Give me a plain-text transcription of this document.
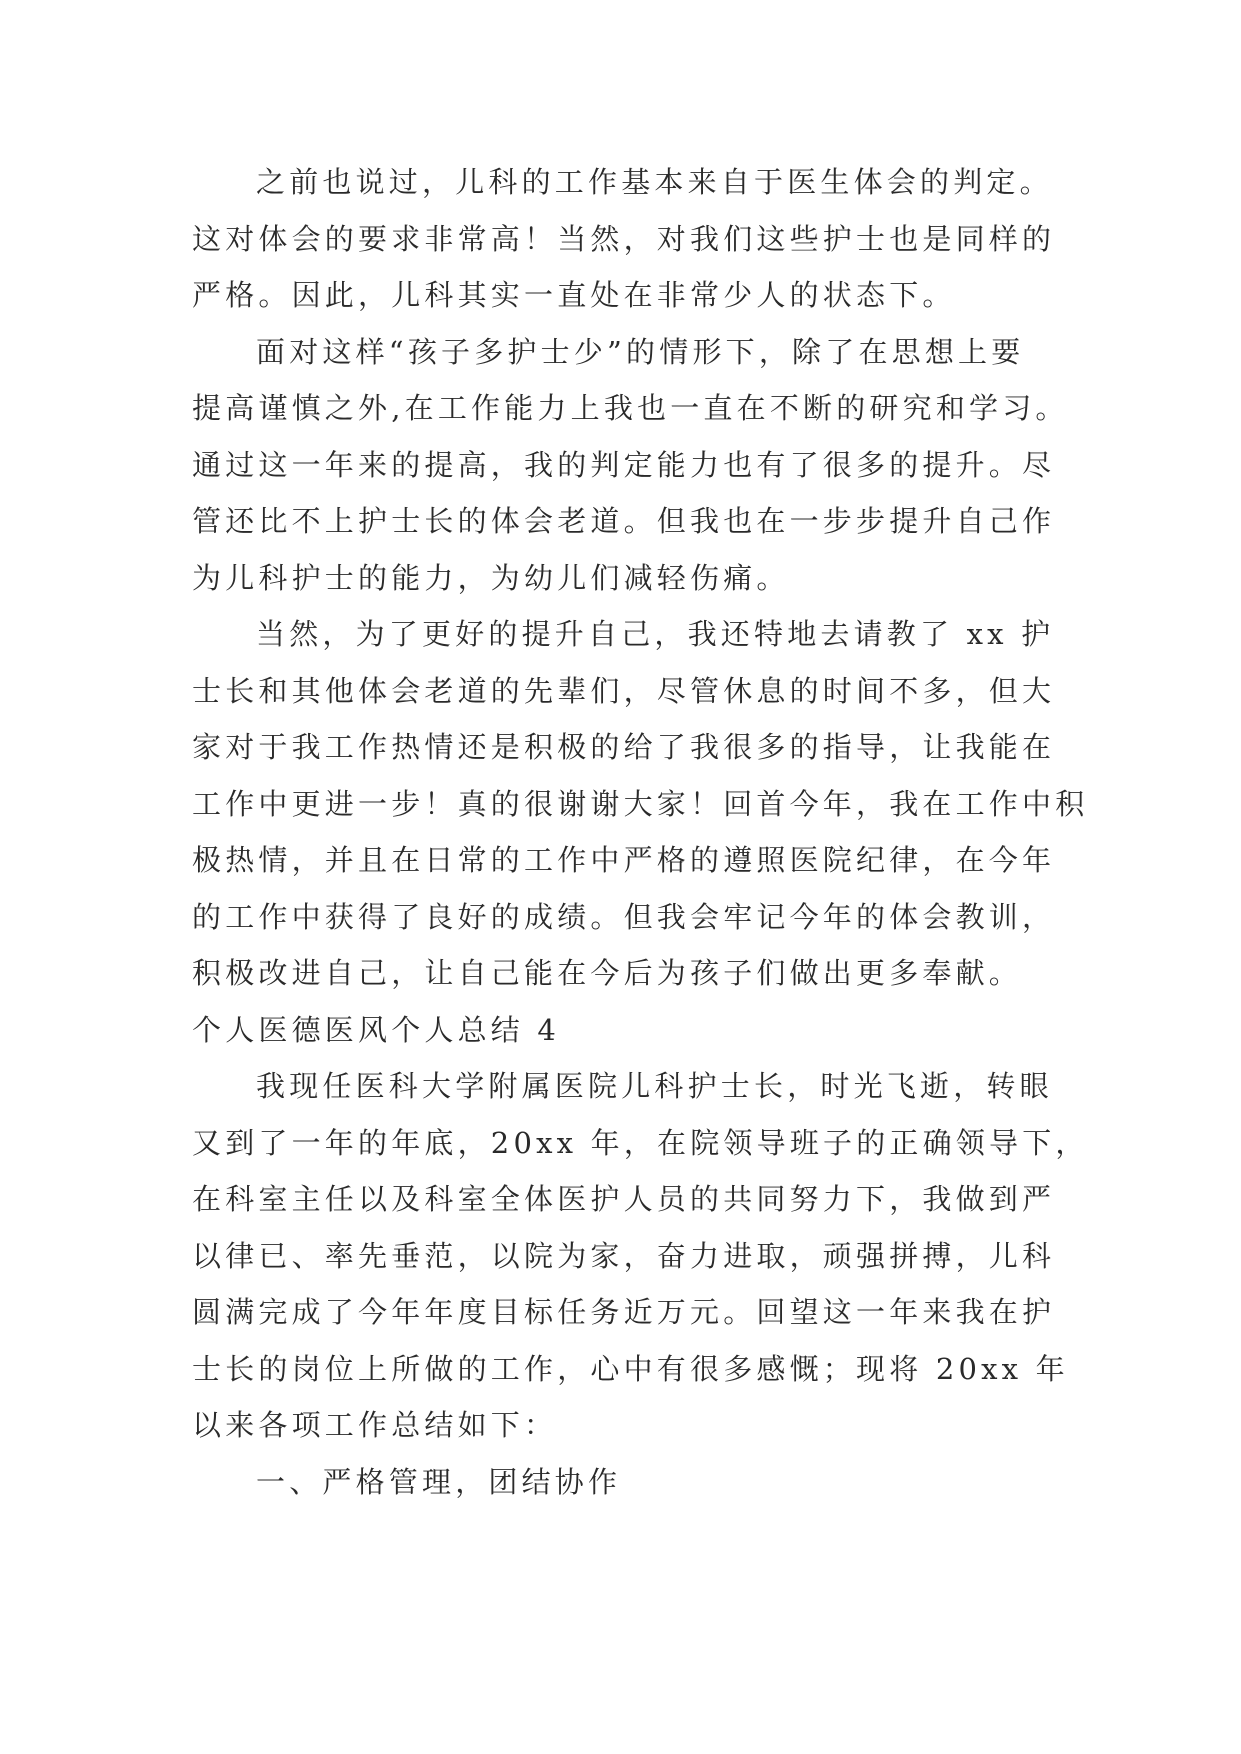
之前也说过，儿科的工作基本来自于医生体会的判定。
这对体会的要求非常高！当然，对我们这些护士也是同样的
严格。因此，儿科其实一直处在非常少人的状态下。
面对这样“孩子多护士少”的情形下，除了在思想上要
提高谨慎之外,在工作能力上我也一直在不断的研究和学习。
通过这一年来的提高，我的判定能力也有了很多的提升。尽
管还比不上护士长的体会老道。但我也在一步步提升自己作
为儿科护士的能力，为幼儿们减轻伤痛。
当然，为了更好的提升自己，我还特地去请教了 xx 护
士长和其他体会老道的先辈们，尽管休息的时间不多，但大
家对于我工作热情还是积极的给了我很多的指导，让我能在
工作中更进一步！真的很谢谢大家！回首今年，我在工作中积
极热情，并且在日常的工作中严格的遵照医院纪律，在今年
的工作中获得了良好的成绩。但我会牢记今年的体会教训，
积极改进自己，让自己能在今后为孩子们做出更多奉献。
个人医德医风个人总结 4
我现任医科大学附属医院儿科护士长，时光飞逝，转眼
又到了一年的年底，20xx 年，在院领导班子的正确领导下，
在科室主任以及科室全体医护人员的共同努力下，我做到严
以律已、率先垂范，以院为家，奋力进取，顽强拼搏，儿科
圆满完成了今年年度目标任务近万元。回望这一年来我在护
士长的岗位上所做的工作，心中有很多感慨；现将 20xx 年
以来各项工作总结如下：
一、严格管理，团结协作
